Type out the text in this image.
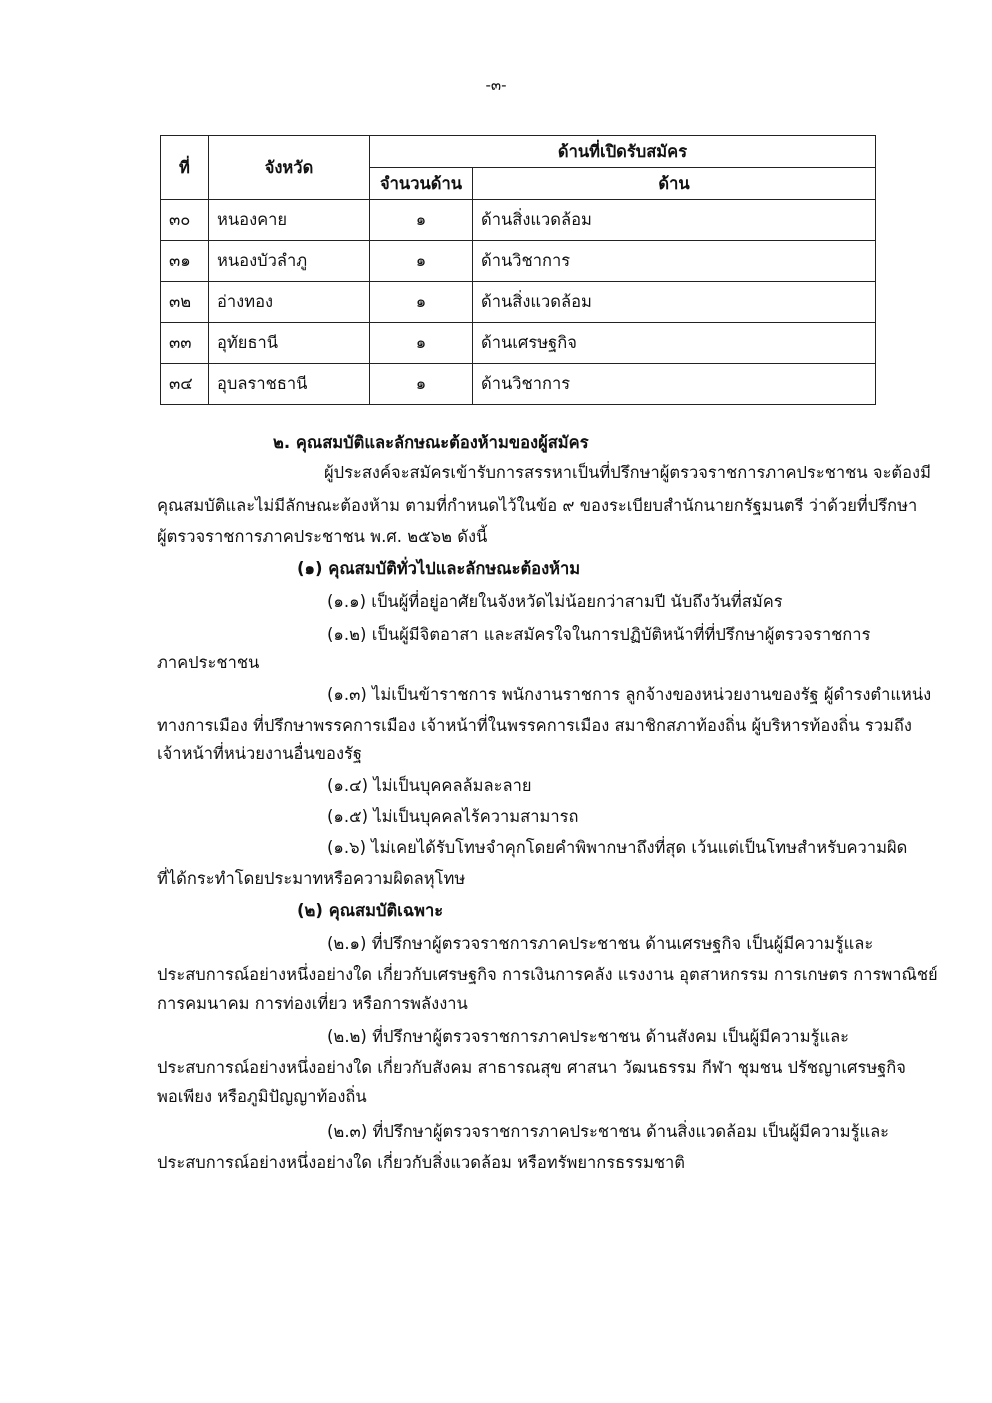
-๓-
ที่	จังหวัด	ด้านที่เปิดรับสมัคร	
		จำนวนด้าน	ด้าน
๓๐	หนองคาย	๑	ด้านสิ่งแวดล้อม
๓๑	หนองบัวลำภู	๑	ด้านวิชาการ
๓๒	อ่างทอง	๑	ด้านสิ่งแวดล้อม
๓๓	อุทัยธานี	๑	ด้านเศรษฐกิจ
๓๔	อุบลราชธานี	๑	ด้านวิชาการ
๒. คุณสมบัติและลักษณะต้องห้ามของผู้สมัคร
ผู้ประสงค์จะสมัครเข้ารับการสรรหาเป็นที่ปรึกษาผู้ตรวจราชการภาคประชาชน จะต้องมี
คุณสมบัติและไม่มีลักษณะต้องห้าม ตามที่กำหนดไว้ในข้อ ๙ ของระเบียบสำนักนายกรัฐมนตรี ว่าด้วยที่ปรึกษา
ผู้ตรวจราชการภาคประชาชน พ.ศ. ๒๕๖๒ ดังนี้
(๑) คุณสมบัติทั่วไปและลักษณะต้องห้าม
(๑.๑) เป็นผู้ที่อยู่อาศัยในจังหวัดไม่น้อยกว่าสามปี นับถึงวันที่สมัคร
(๑.๒) เป็นผู้มีจิตอาสา และสมัครใจในการปฏิบัติหน้าที่ที่ปรึกษาผู้ตรวจราชการ
ภาคประชาชน
(๑.๓) ไม่เป็นข้าราชการ พนักงานราชการ ลูกจ้างของหน่วยงานของรัฐ ผู้ดำรงตำแหน่ง
ทางการเมือง ที่ปรึกษาพรรคการเมือง เจ้าหน้าที่ในพรรคการเมือง สมาชิกสภาท้องถิ่น ผู้บริหารท้องถิ่น รวมถึง
เจ้าหน้าที่หน่วยงานอื่นของรัฐ
(๑.๔) ไม่เป็นบุคคลล้มละลาย
(๑.๕) ไม่เป็นบุคคลไร้ความสามารถ
(๑.๖) ไม่เคยได้รับโทษจำคุกโดยคำพิพากษาถึงที่สุด เว้นแต่เป็นโทษสำหรับความผิด
ที่ได้กระทำโดยประมาทหรือความผิดลหุโทษ
(๒) คุณสมบัติเฉพาะ
(๒.๑) ที่ปรึกษาผู้ตรวจราชการภาคประชาชน ด้านเศรษฐกิจ เป็นผู้มีความรู้และ
ประสบการณ์อย่างหนึ่งอย่างใด เกี่ยวกับเศรษฐกิจ การเงินการคลัง แรงงาน อุตสาหกรรม การเกษตร การพาณิชย์
การคมนาคม การท่องเที่ยว หรือการพลังงาน
(๒.๒) ที่ปรึกษาผู้ตรวจราชการภาคประชาชน ด้านสังคม เป็นผู้มีความรู้และ
ประสบการณ์อย่างหนึ่งอย่างใด เกี่ยวกับสังคม สาธารณสุข ศาสนา วัฒนธรรม กีฬา ชุมชน ปรัชญาเศรษฐกิจ
พอเพียง หรือภูมิปัญญาท้องถิ่น
(๒.๓) ที่ปรึกษาผู้ตรวจราชการภาคประชาชน ด้านสิ่งแวดล้อม เป็นผู้มีความรู้และ
ประสบการณ์อย่างหนึ่งอย่างใด เกี่ยวกับสิ่งแวดล้อม หรือทรัพยากรธรรมชาติ
